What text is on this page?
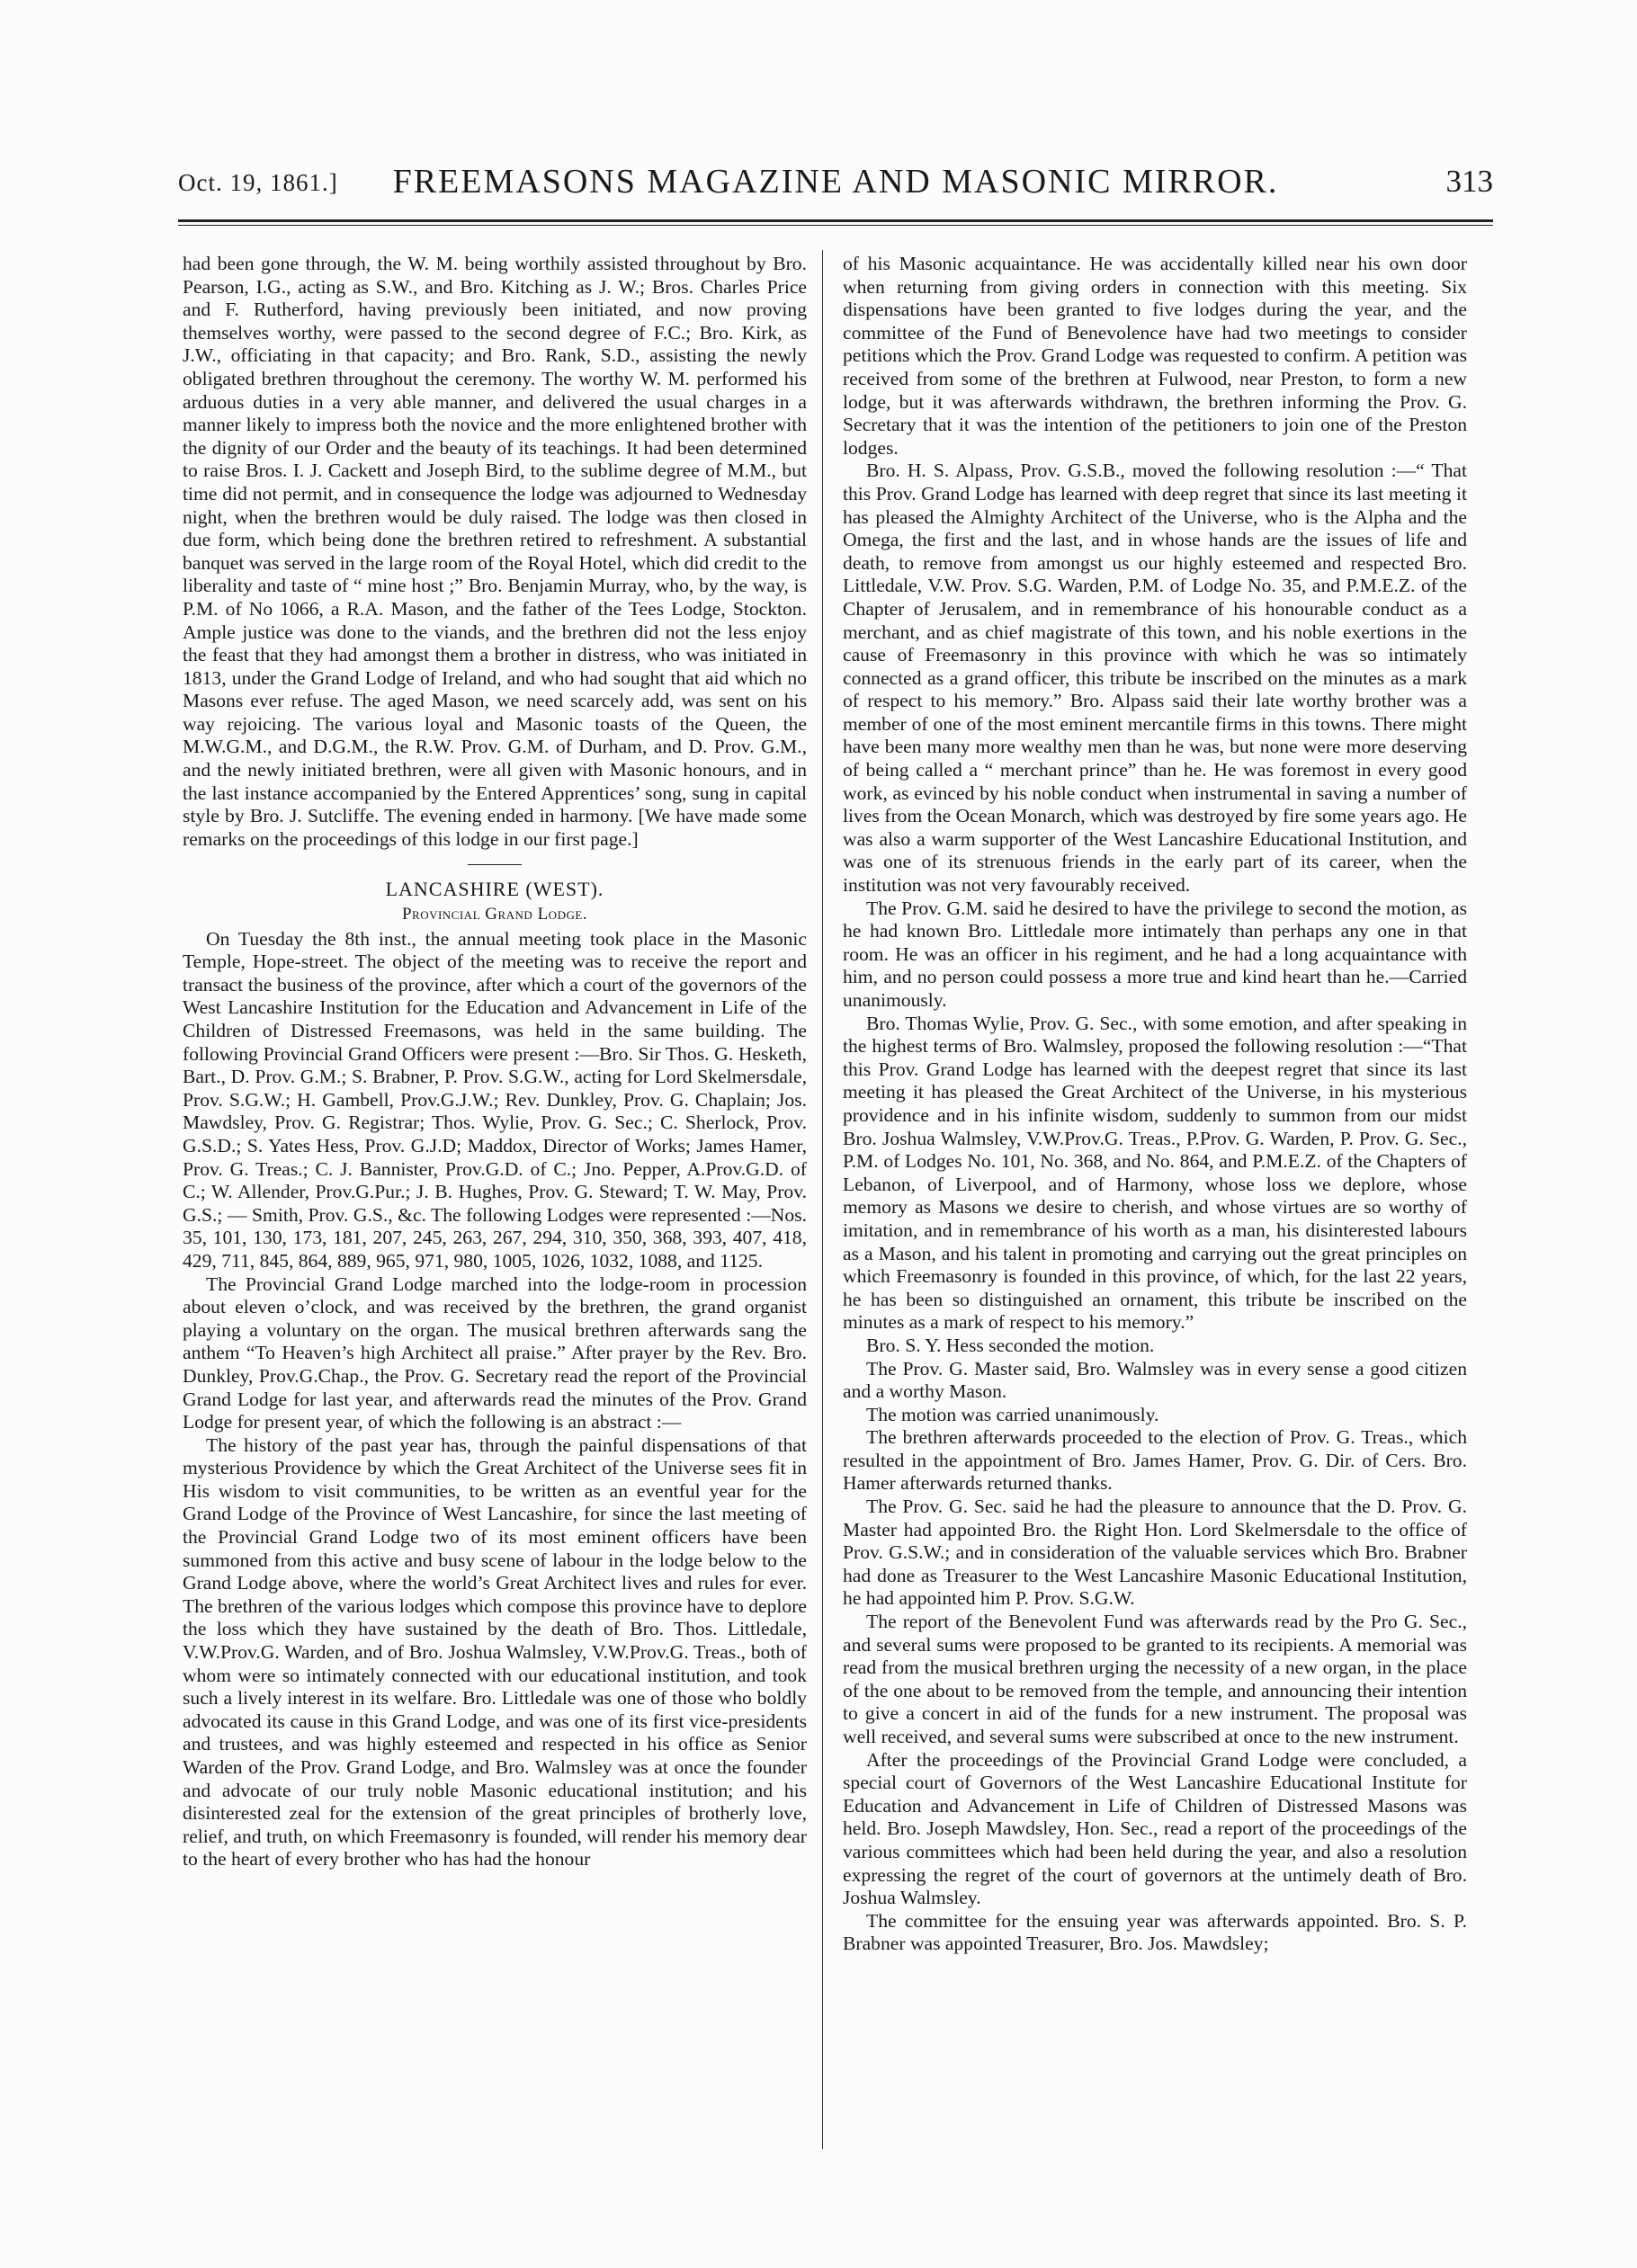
Oct. 19, 1861.]	FREEMASONS MAGAZINE AND MASONIC MIRROR.	313

had been gone through, the W. M. being worthily assisted throughout by Bro. Pearson, I.G., acting as S.W., and Bro. Kitching as J. W.; Bros. Charles Price and F. Rutherford, having previously been initiated, and now proving themselves worthy, were passed to the second degree of F.C.; Bro. Kirk, as J.W., officiating in that capacity; and Bro. Rank, S.D., assisting the newly obligated brethren throughout the ceremony. The worthy W. M. performed his arduous duties in a very able manner, and delivered the usual charges in a manner likely to impress both the novice and the more enlightened brother with the dignity of our Order and the beauty of its teachings. It had been determined to raise Bros. I. J. Cackett and Joseph Bird, to the sublime degree of M.M., but time did not permit, and in consequence the lodge was adjourned to Wednesday night, when the brethren would be duly raised. The lodge was then closed in due form, which being done the brethren retired to refreshment. A substantial banquet was served in the large room of the Royal Hotel, which did credit to the liberality and taste of “ mine host ;” Bro. Benjamin Murray, who, by the way, is P.M. of No 1066, a R.A. Mason, and the father of the Tees Lodge, Stockton. Ample justice was done to the viands, and the brethren did not the less enjoy the feast that they had amongst them a brother in distress, who was initiated in 1813, under the Grand Lodge of Ireland, and who had sought that aid which no Masons ever refuse. The aged Mason, we need scarcely add, was sent on his way rejoicing. The various loyal and Masonic toasts of the Queen, the M.W.G.M., and D.G.M., the R.W. Prov. G.M. of Durham, and D. Prov. G.M., and the newly initiated brethren, were all given with Masonic honours, and in the last instance accompanied by the Entered Apprentices’ song, sung in capital style by Bro. J. Sutcliffe. The evening ended in harmony. [We have made some remarks on the proceedings of this lodge in our first page.]

LANCASHIRE (WEST).
Provincial Grand Lodge.

On Tuesday the 8th inst., the annual meeting took place in the Masonic Temple, Hope-street. The object of the meeting was to receive the report and transact the business of the province, after which a court of the governors of the West Lancashire Institution for the Education and Advancement in Life of the Children of Distressed Freemasons, was held in the same building. The following Provincial Grand Officers were present :—Bro. Sir Thos. G. Hesketh, Bart., D. Prov. G.M.; S. Brabner, P. Prov. S.G.W., acting for Lord Skelmersdale, Prov. S.G.W.; H. Gambell, Prov.G.J.W.; Rev. Dunkley, Prov. G. Chaplain; Jos. Mawdsley, Prov. G. Registrar; Thos. Wylie, Prov. G. Sec.; C. Sherlock, Prov. G.S.D.; S. Yates Hess, Prov. G.J.D; Maddox, Director of Works; James Hamer, Prov. G. Treas.; C. J. Bannister, Prov.G.D. of C.; Jno. Pepper, A.Prov.G.D. of C.; W. Allender, Prov.G.Pur.; J. B. Hughes, Prov. G. Steward; T. W. May, Prov. G.S.; — Smith, Prov. G.S., &c. The following Lodges were represented :—Nos. 35, 101, 130, 173, 181, 207, 245, 263, 267, 294, 310, 350, 368, 393, 407, 418, 429, 711, 845, 864, 889, 965, 971, 980, 1005, 1026, 1032, 1088, and 1125.

The Provincial Grand Lodge marched into the lodge-room in procession about eleven o’clock, and was received by the brethren, the grand organist playing a voluntary on the organ. The musical brethren afterwards sang the anthem “To Heaven’s high Architect all praise.” After prayer by the Rev. Bro. Dunkley, Prov.G.Chap., the Prov. G. Secretary read the report of the Provincial Grand Lodge for last year, and afterwards read the minutes of the Prov. Grand Lodge for present year, of which the following is an abstract :—

The history of the past year has, through the painful dispensations of that mysterious Providence by which the Great Architect of the Universe sees fit in His wisdom to visit communities, to be written as an eventful year for the Grand Lodge of the Province of West Lancashire, for since the last meeting of the Provincial Grand Lodge two of its most eminent officers have been summoned from this active and busy scene of labour in the lodge below to the Grand Lodge above, where the world’s Great Architect lives and rules for ever. The brethren of the various lodges which compose this province have to deplore the loss which they have sustained by the death of Bro. Thos. Littledale, V.W.Prov.G. Warden, and of Bro. Joshua Walmsley, V.W.Prov.G. Treas., both of whom were so intimately connected with our educational institution, and took such a lively interest in its welfare. Bro. Littledale was one of those who boldly advocated its cause in this Grand Lodge, and was one of its first vice-presidents and trustees, and was highly esteemed and respected in his office as Senior Warden of the Prov. Grand Lodge, and Bro. Walmsley was at once the founder and advocate of our truly noble Masonic educational institution; and his disinterested zeal for the extension of the great principles of brotherly love, relief, and truth, on which Freemasonry is founded, will render his memory dear to the heart of every brother who has had the honour

of his Masonic acquaintance. He was accidentally killed near his own door when returning from giving orders in connection with this meeting. Six dispensations have been granted to five lodges during the year, and the committee of the Fund of Benevolence have had two meetings to consider petitions which the Prov. Grand Lodge was requested to confirm. A petition was received from some of the brethren at Fulwood, near Preston, to form a new lodge, but it was afterwards withdrawn, the brethren informing the Prov. G. Secretary that it was the intention of the petitioners to join one of the Preston lodges.

Bro. H. S. Alpass, Prov. G.S.B., moved the following resolution :—“ That this Prov. Grand Lodge has learned with deep regret that since its last meeting it has pleased the Almighty Architect of the Universe, who is the Alpha and the Omega, the first and the last, and in whose hands are the issues of life and death, to remove from amongst us our highly esteemed and respected Bro. Littledale, V.W. Prov. S.G. Warden, P.M. of Lodge No. 35, and P.M.E.Z. of the Chapter of Jerusalem, and in remembrance of his honourable conduct as a merchant, and as chief magistrate of this town, and his noble exertions in the cause of Freemasonry in this province with which he was so intimately connected as a grand officer, this tribute be inscribed on the minutes as a mark of respect to his memory.” Bro. Alpass said their late worthy brother was a member of one of the most eminent mercantile firms in this towns. There might have been many more wealthy men than he was, but none were more deserving of being called a “ merchant prince” than he. He was foremost in every good work, as evinced by his noble conduct when instrumental in saving a number of lives from the Ocean Monarch, which was destroyed by fire some years ago. He was also a warm supporter of the West Lancashire Educational Institution, and was one of its strenuous friends in the early part of its career, when the institution was not very favourably received.

The Prov. G.M. said he desired to have the privilege to second the motion, as he had known Bro. Littledale more intimately than perhaps any one in that room. He was an officer in his regiment, and he had a long acquaintance with him, and no person could possess a more true and kind heart than he.—Carried unanimously.

Bro. Thomas Wylie, Prov. G. Sec., with some emotion, and after speaking in the highest terms of Bro. Walmsley, proposed the following resolution :—“That this Prov. Grand Lodge has learned with the deepest regret that since its last meeting it has pleased the Great Architect of the Universe, in his mysterious providence and in his infinite wisdom, suddenly to summon from our midst Bro. Joshua Walmsley, V.W.Prov.G. Treas., P.Prov. G. Warden, P. Prov. G. Sec., P.M. of Lodges No. 101, No. 368, and No. 864, and P.M.E.Z. of the Chapters of Lebanon, of Liverpool, and of Harmony, whose loss we deplore, whose memory as Masons we desire to cherish, and whose virtues are so worthy of imitation, and in remembrance of his worth as a man, his disinterested labours as a Mason, and his talent in promoting and carrying out the great principles on which Freemasonry is founded in this province, of which, for the last 22 years, he has been so distinguished an ornament, this tribute be inscribed on the minutes as a mark of respect to his memory.”

Bro. S. Y. Hess seconded the motion.

The Prov. G. Master said, Bro. Walmsley was in every sense a good citizen and a worthy Mason.

The motion was carried unanimously.

The brethren afterwards proceeded to the election of Prov. G. Treas., which resulted in the appointment of Bro. James Hamer, Prov. G. Dir. of Cers. Bro. Hamer afterwards returned thanks.

The Prov. G. Sec. said he had the pleasure to announce that the D. Prov. G. Master had appointed Bro. the Right Hon. Lord Skelmersdale to the office of Prov. G.S.W.; and in consideration of the valuable services which Bro. Brabner had done as Treasurer to the West Lancashire Masonic Educational Institution, he had appointed him P. Prov. S.G.W.

The report of the Benevolent Fund was afterwards read by the Pro G. Sec., and several sums were proposed to be granted to its recipients. A memorial was read from the musical brethren urging the necessity of a new organ, in the place of the one about to be removed from the temple, and announcing their intention to give a concert in aid of the funds for a new instrument. The proposal was well received, and several sums were subscribed at once to the new instrument.

After the proceedings of the Provincial Grand Lodge were concluded, a special court of Governors of the West Lancashire Educational Institute for Education and Advancement in Life of Children of Distressed Masons was held. Bro. Joseph Mawdsley, Hon. Sec., read a report of the proceedings of the various committees which had been held during the year, and also a resolution expressing the regret of the court of governors at the untimely death of Bro. Joshua Walmsley.

The committee for the ensuing year was afterwards appointed. Bro. S. P. Brabner was appointed Treasurer, Bro. Jos. Mawdsley;
